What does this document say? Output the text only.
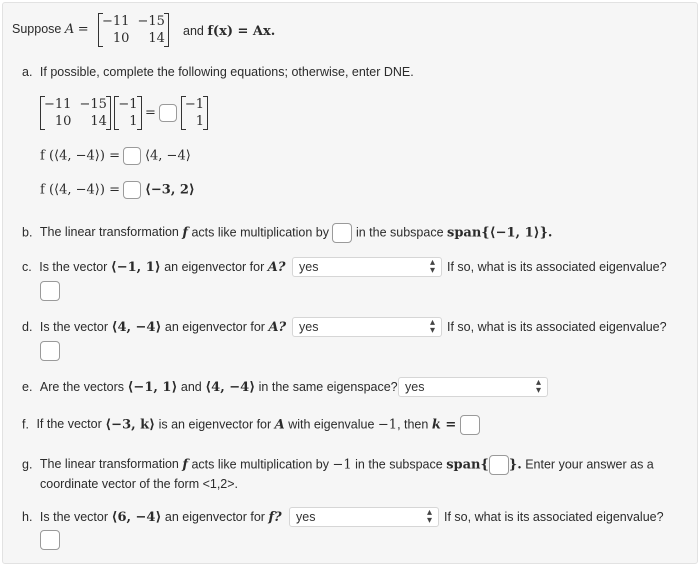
Suppose A =
−11	−15
10	14 and f(x) = Ax.
a. If possible, complete the following equations; otherwise, enter DNE.
−11	−15
10	14

−1
1
=
−1
1
f (⟨4, −4⟩) = ⟨4, −4⟩
f (⟨4, −4⟩) = ⟨−3, 2⟩
b. The linear transformation f acts like multiplication by in the subspace span{⟨−1, 1⟩}.
c. Is the vector ⟨−1, 1⟩ an eigenvector for A?	yes	▴
▾ If so, what is its associated eigenvalue?
d. Is the vector ⟨4, −4⟩ an eigenvector for A?	yes	▴
▾ If so, what is its associated eigenvalue?
e. Are the vectors ⟨−1, 1⟩ and ⟨4, −4⟩ in the same eigenspace? yes	▴
▾
f. If the vector ⟨−3, k⟩ is an eigenvector for A with eigenvalue −1, then k =
g. The linear transformation f acts like multiplication by −1 in the subspace span{ }. Enter your answer as a
coordinate vector of the form <1,2>.
h. Is the vector ⟨6, −4⟩ an eigenvector for f?	yes	▴
▾ If so, what is its associated eigenvalue?
